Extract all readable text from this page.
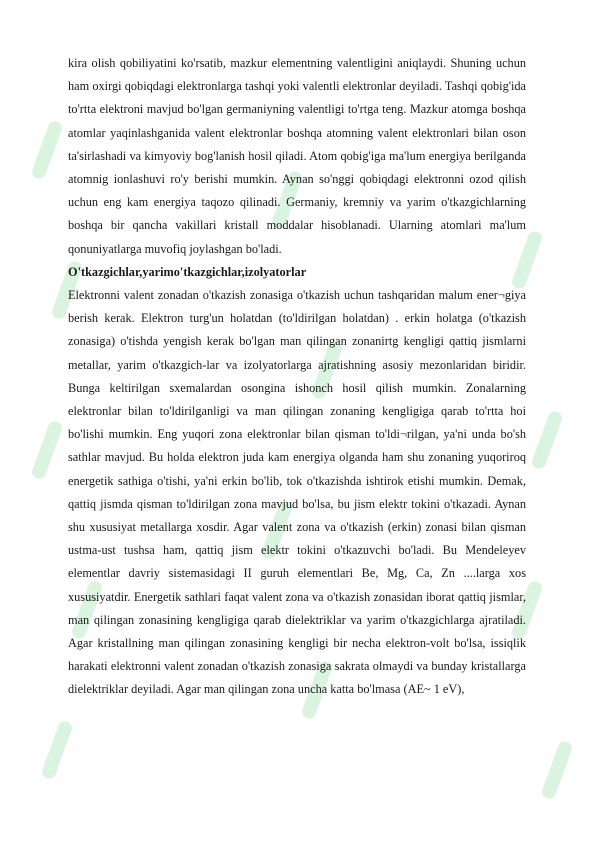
kira olish qobiliyatini ko'rsatib, mazkur elementning valentligini aniqlaydi. Shuning uchun ham oxirgi qobiqdagi elektronlarga tashqi yoki valentli elektronlar deyiladi. Tashqi qobig'ida to'rtta elektroni mavjud bo'lgan germaniyning valentligi to'rtga teng. Mazkur atomga boshqa atomlar yaqinlashganida valent elektronlar boshqa atomning valent elektronlari bilan oson ta'sirlashadi va kimyoviy bog'lanish hosil qiladi. Atom qobig'iga ma'lum energiya berilganda atomnig ionlashuvi ro'y berishi mumkin. Aynan so'nggi qobiqdagi elektronni ozod qilish uchun eng kam energiya taqozo qilinadi. Germaniy, kremniy va yarim o'tkazgichlarning boshqa bir qancha vakillari kristall moddalar hisoblanadi. Ularning atomlari ma'lum qonuniyatlarga muvofiq joylashgan bo'ladi.

O'tkazgichlar,yarimo'tkazgichlar,izolyatorlar

Elektronni valent zonadan o'tkazish zonasiga o'tkazish uchun tashqaridan malum ener¬giya berish kerak. Elektron turg'un holatdan (to'ldirilgan holatdan) . erkin holatga (o'tkazish zonasiga) o'tishda yengish kerak bo'lgan man qilingan zonanirtg kengligi qattiq jismlarni metallar, yarim o'tkazgich-lar va izolyatorlarga ajratishning asosiy mezonlaridan biridir. Bunga keltirilgan sxemalardan osongina ishonch hosil qilish mumkin. Zonalarning elektronlar bilan to'ldirilganligi va man qilingan zonaning kengligiga qarab to'rtta hoi bo'lishi mumkin. Eng yuqori zona elektronlar bilan qisman to'ldi¬rilgan, ya'ni unda bo'sh sathlar mavjud. Bu holda elektron juda kam energiya olganda ham shu zonaning yuqoriroq energetik sathiga o'tishi, ya'ni erkin bo'lib, tok o'tkazishda ishtirok etishi mumkin. Demak, qattiq jismda qisman to'ldirilgan zona mavjud bo'lsa, bu jism elektr tokini o'tkazadi. Aynan shu xususiyat metallarga xosdir. Agar valent zona va o'tkazish (erkin) zonasi bilan qisman ustma-ust tushsa ham, qattiq jism elektr tokini o'tkazuvchi bo'ladi. Bu Mendeleyev elementlar davriy sistemasidagi II guruh elementlari Be, Mg, Ca, Zn ....larga xos xususiyatdir. Energetik sathlari faqat valent zona va o'tkazish zonasidan iborat qattiq jismlar, man qilingan zonasining kengligiga qarab dielektriklar va yarim o'tkazgichlarga ajratiladi. Agar kristallning man qilingan zonasining kengligi bir necha elektron-volt bo'lsa, issiqlik harakati elektronni valent zonadan o'tkazish zonasiga sakrata olmaydi va bunday kristallarga dielektriklar deyiladi. Agar man qilingan zona uncha katta bo'lmasa (AE~ 1 eV),
